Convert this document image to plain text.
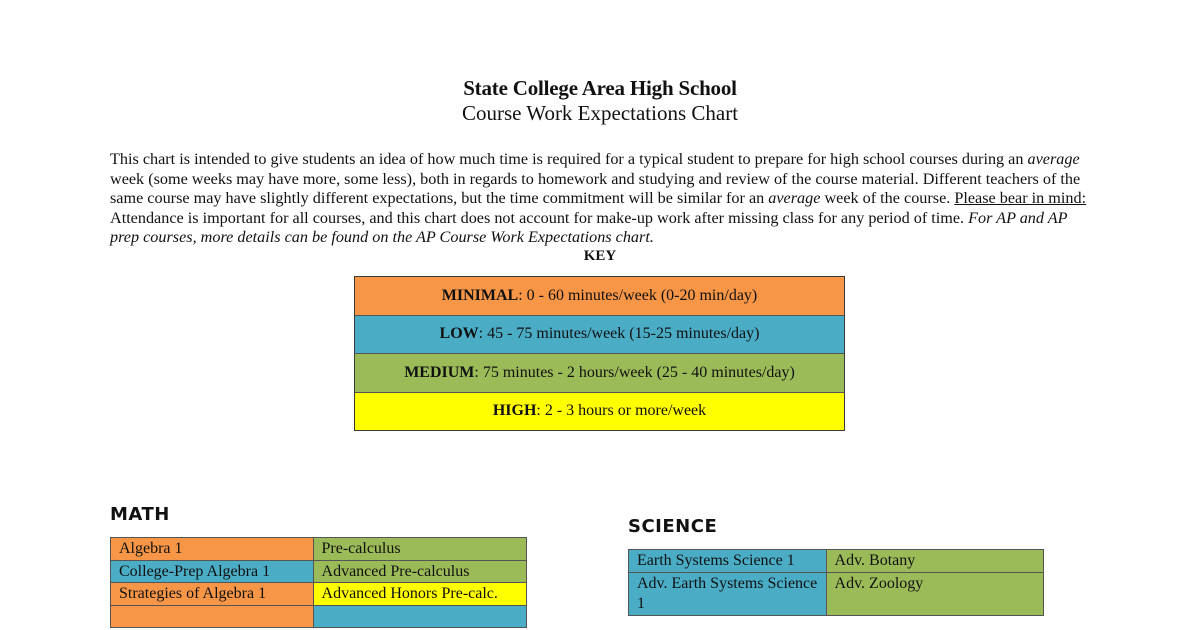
State College Area High School
Course Work Expectations Chart
This chart is intended to give students an idea of how much time is required for a typical student to prepare for high school courses during an average week (some weeks may have more, some less), both in regards to homework and studying and review of the course material. Different teachers of the same course may have slightly different expectations, but the time commitment will be similar for an average week of the course. Please bear in mind: Attendance is important for all courses, and this chart does not account for make-up work after missing class for any period of time. For AP and AP prep courses, more details can be found on the AP Course Work Expectations chart.
KEY
MINIMAL : 0 - 60 minutes/week (0-20 min/day)
LOW : 45 - 75 minutes/week (15-25 minutes/day)
MEDIUM : 75 minutes - 2 hours/week (25 - 40 minutes/day)
HIGH : 2 - 3 hours or more/week
MATH
Algebra 1	Pre-calculus
College-Prep Algebra 1	Advanced Pre-calculus
Strategies of Algebra 1	Advanced Honors Pre-calc.

SCIENCE
Earth Systems Science 1	Adv. Botany
Adv. Earth Systems Science 1	Adv. Zoology
